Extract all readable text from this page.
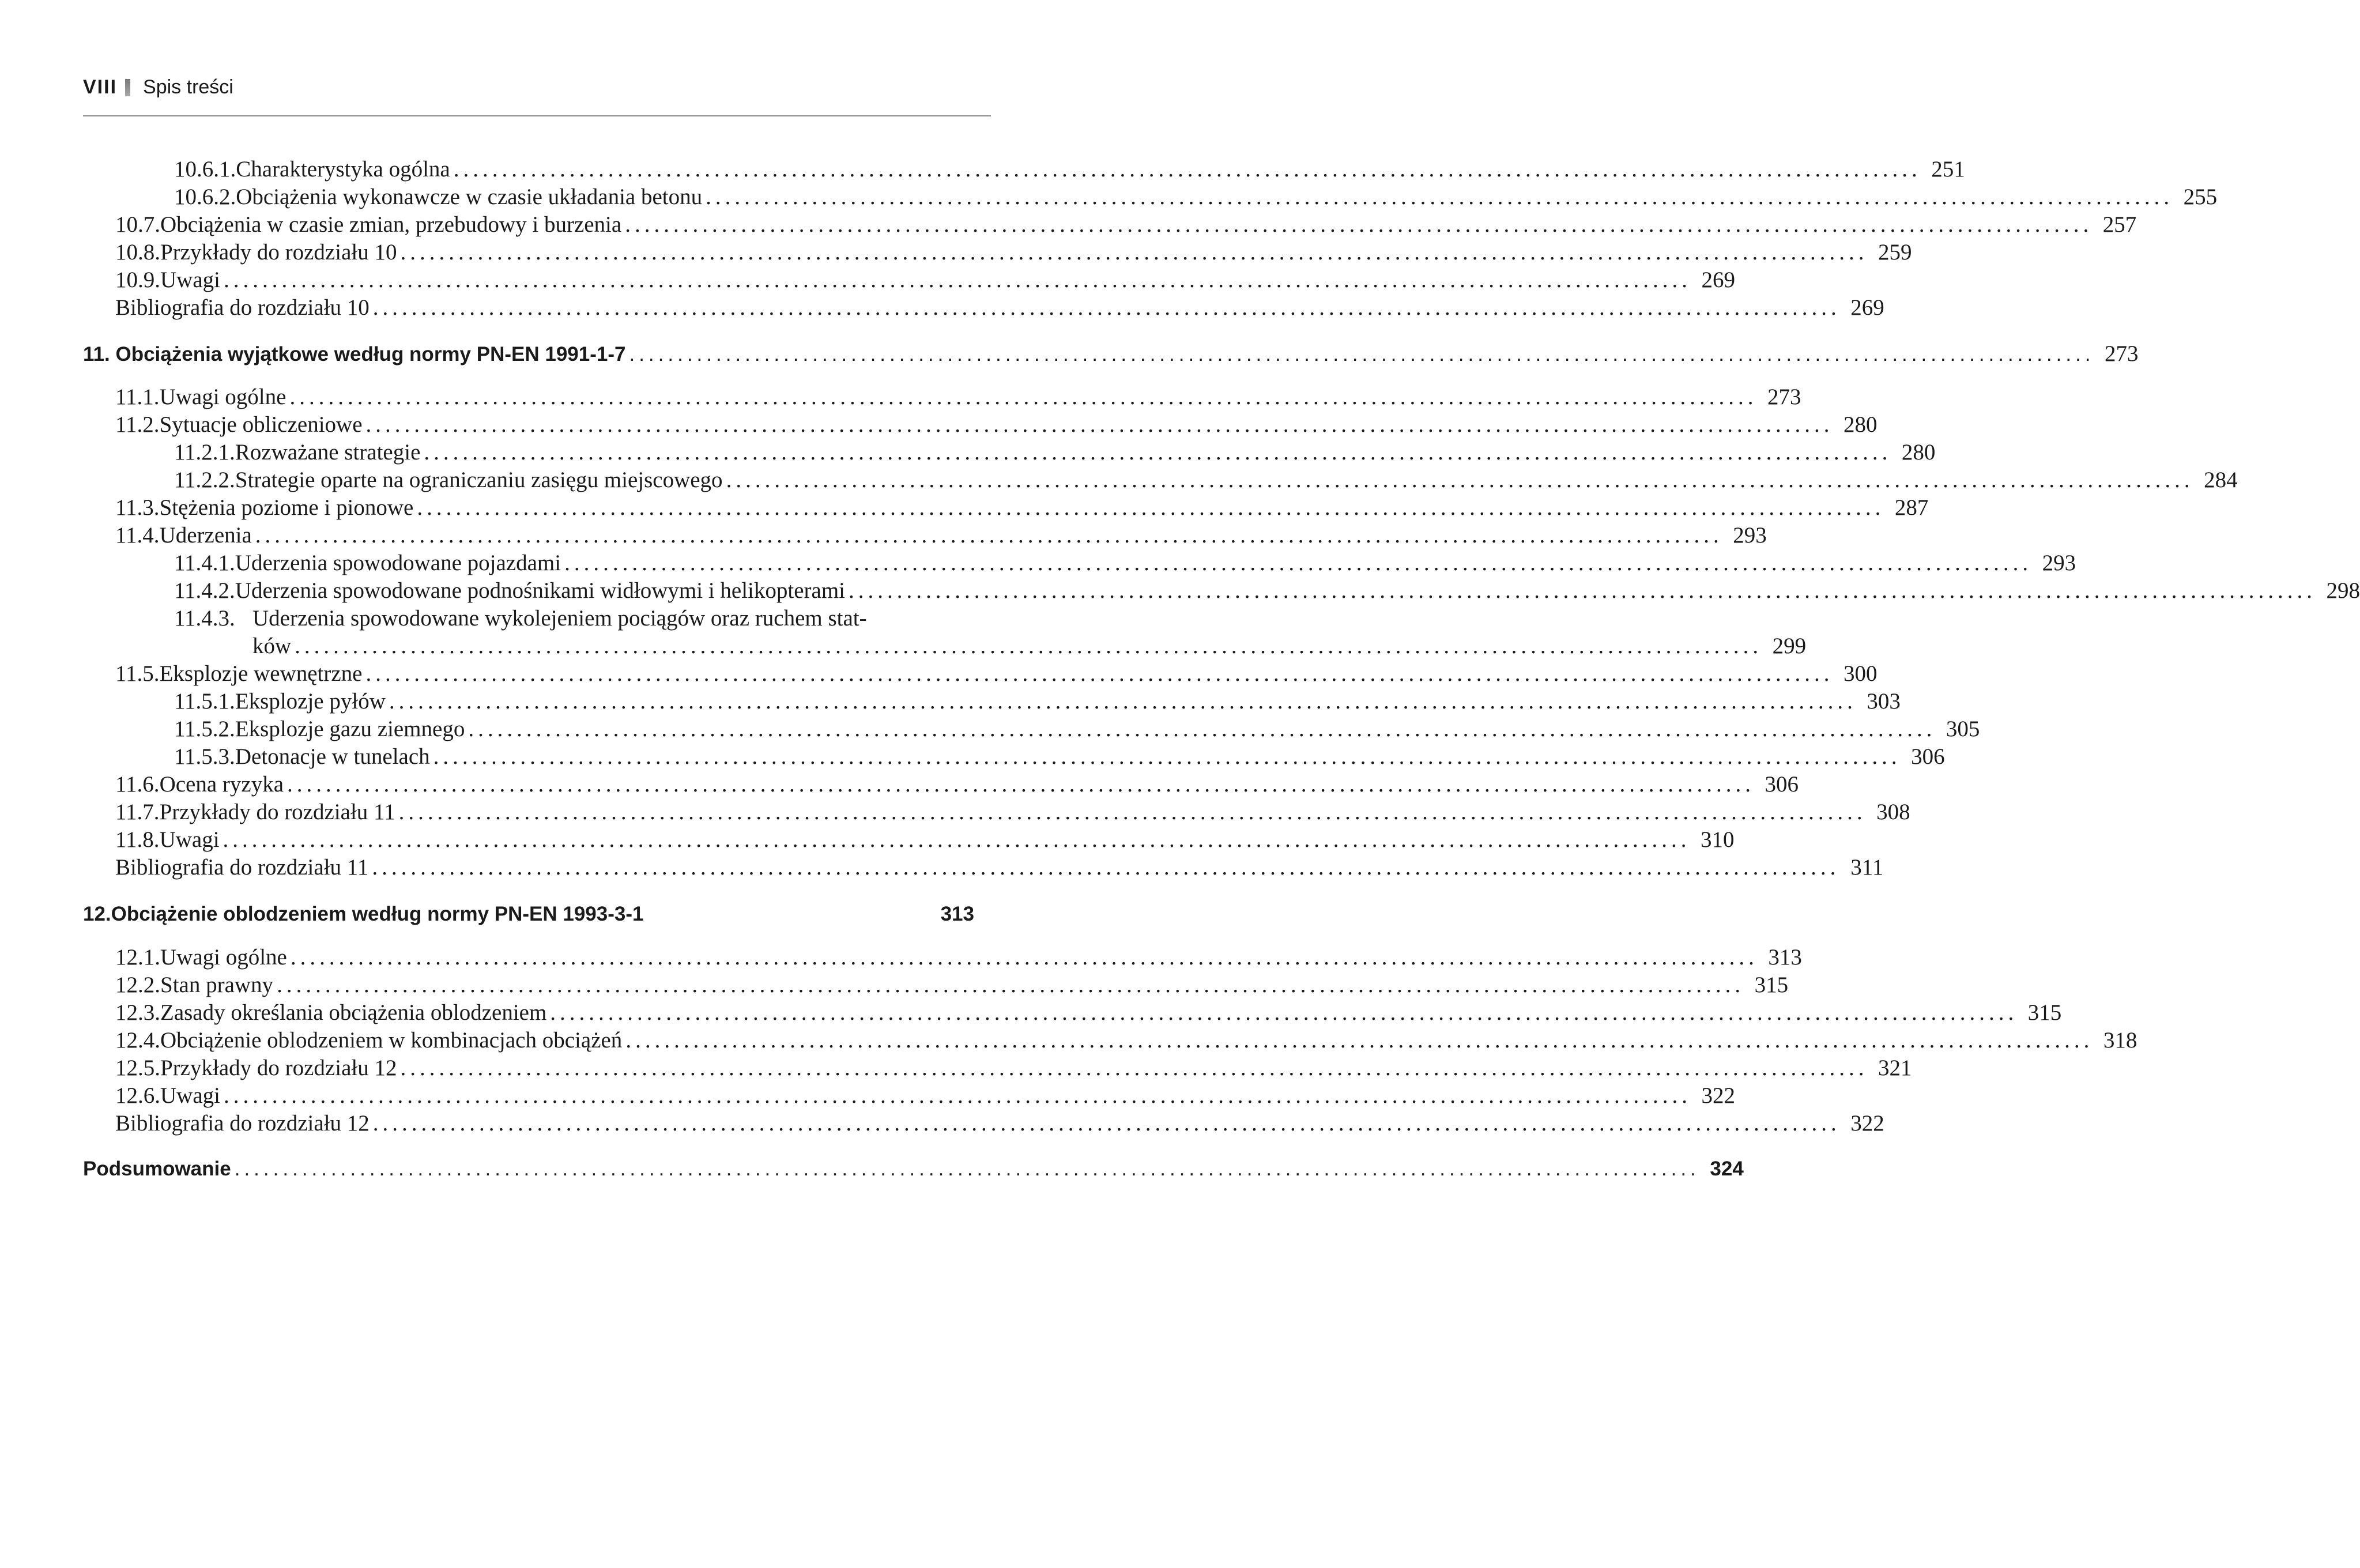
VIII Spis treści
10.6.1. Charakterystyka ogólna ........................................................................................................................................................ 251
10.6.2. Obciążenia wykonawcze w czasie układania betonu ........................................................................................................................................................ 255
10.7. Obciążenia w czasie zmian, przebudowy i burzenia ........................................................................................................................................................ 257
10.8. Przykłady do rozdziału 10 ........................................................................................................................................................ 259
10.9. Uwagi ........................................................................................................................................................ 269
Bibliografia do rozdziału 10 ........................................................................................................................................................ 269
11.
Obciążenia wyjątkowe według normy PN-EN 1991-1-7 ........................................................................................................................................................ 273
11.1. Uwagi ogólne ........................................................................................................................................................ 273
11.2. Sytuacje obliczeniowe ........................................................................................................................................................ 280
11.2.1. Rozważane strategie ........................................................................................................................................................ 280
11.2.2. Strategie oparte na ograniczaniu zasięgu miejscowego ........................................................................................................................................................ 284
11.3. Stężenia poziome i pionowe ........................................................................................................................................................ 287
11.4. Uderzenia ........................................................................................................................................................ 293
11.4.1. Uderzenia spowodowane pojazdami ........................................................................................................................................................ 293
11.4.2. Uderzenia spowodowane podnośnikami widłowymi i helikopterami ........................................................................................................................................................ 298
11.4.3. Uderzenia spowodowane wykolejeniem pociągów oraz ruchem stat-
ków ........................................................................................................................................................ 299
11.5. Eksplozje wewnętrzne ........................................................................................................................................................ 300
11.5.1. Eksplozje pyłów ........................................................................................................................................................ 303
11.5.2. Eksplozje gazu ziemnego ........................................................................................................................................................ 305
11.5.3. Detonacje w tunelach ........................................................................................................................................................ 306
11.6. Ocena ryzyka ........................................................................................................................................................ 306
11.7. Przykłady do rozdziału 11 ........................................................................................................................................................ 308
11.8. Uwagi ........................................................................................................................................................ 310
Bibliografia do rozdziału 11 ........................................................................................................................................................ 311
12. Obciążenie oblodzeniem według normy PN-EN 1993-3-1	313
12.1. Uwagi ogólne ........................................................................................................................................................ 313
12.2. Stan prawny ........................................................................................................................................................ 315
12.3. Zasady określania obciążenia oblodzeniem ........................................................................................................................................................ 315
12.4. Obciążenie oblodzeniem w kombinacjach obciążeń ........................................................................................................................................................ 318
12.5. Przykłady do rozdziału 12 ........................................................................................................................................................ 321
12.6. Uwagi ........................................................................................................................................................ 322
Bibliografia do rozdziału 12 ........................................................................................................................................................ 322
Podsumowanie ........................................................................................................................................................ 324
